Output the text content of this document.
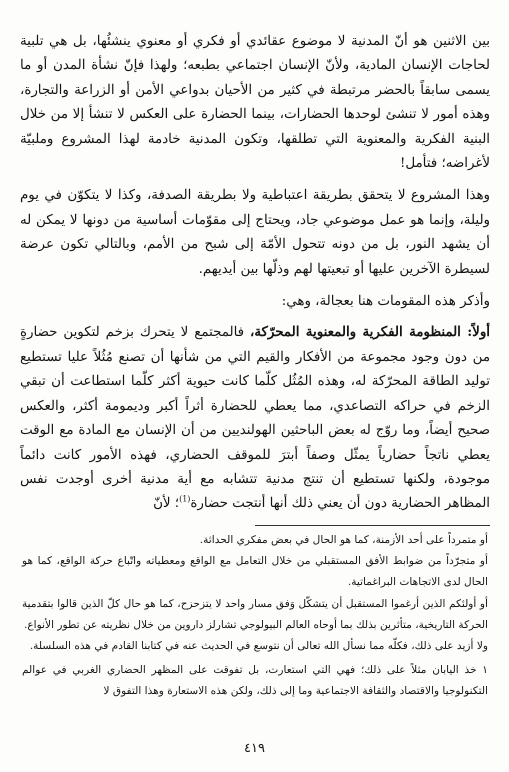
بين الاثنين هو أنّ المدنية لا موضوع عقائدي أو فكري أو معنوي ينشئُها، بل هي تلبية لحاجات الإنسان المادية، ولأنّ الإنسان اجتماعي بطبعه؛ ولهذا فإنّ نشأة المدن أو ما يسمى سابقاً بالحضر مرتبطة في كثير من الأحيان بدواعي الأمن أو الزراعة والتجارة، وهذه أمور لا تنشئ لوحدها الحضارات، بينما الحضارة على العكس لا تنشأ إلا من خلال البنية الفكرية والمعنوية التي تطلقها، وتكون المدنية خادمة لهذا المشروع وملبيّة لأغراضه؛ فتأمل!

وهذا المشروع لا يتحقق بطريقة اعتباطية ولا بطريقة الصدفة، وكذا لا يتكوّن في يوم وليلة، وإنما هو عمل موضوعي جاد، ويحتاج إلى مقوّمات أساسية من دونها لا يمكن له أن يشهد النور، بل من دونه تتحول الأمّة إلى شبح من الأمم، وبالتالي تكون عرضة لسيطرة الآخرين عليها أو تبعيتها لهم وذلّها بين أيديهم.

وأذكر هذه المقومات هنا بعجالة، وهي:

أولاً: المنظومة الفكرية والمعنوية المحرّكة، فالمجتمع لا يتحرك بزخم لتكوين حضارةٍ من دون وجود مجموعة من الأفكار والقيم التي من شأنها أن تصنع مُثُلاً عليا تستطيع توليد الطاقة المحرّكة له، وهذه المُثُل كلّما كانت حيوية أكثر كلّما استطاعت أن تبقي الزخم في حراكه التصاعدي، مما يعطي للحضارة أثراً أكبر وديمومة أكثر، والعكس صحيح أيضاً، وما روّج له بعض الباحثين الهولنديين من أن الإنسان مع المادة مع الوقت يعطي ناتجاً حضارياً يمثّل وصفاً أبترَ للموقف الحضاري، فهذه الأمور كانت دائماً موجودة، ولكنها تستطيع أن تنتج مدنية تتشابه مع أية مدنية أخرى أوجدت نفس المظاهر الحضارية دون أن يعني ذلك أنها أنتجت حضارة$^{(1)}$؛ لأنّ

أو متمرداً على أحد الأزمنة، كما هو الحال في بعض مفكري الحداثة.

أو متجرّداً من ضوابط الأفق المستقبلي من خلال التعامل مع الواقع ومعطياته واتّباع حركة الواقع، كما هو الحال لدى الاتجاهات البراغماتية.

أو أولئكم الذين أرغموا المستقبل أن يتشكّل وَفق مسار واحد لا يتزحزح، كما هو حال كلّ الذين قالوا بتقدمية الحركة التاريخية، متأثرين بذلك بما أوحاه العالم البيولوجي تشارلز داروين من خلال نظريته عن تطور الأنواع.

ولا أزيد على ذلك، فكلّه مما نسأل الله تعالى أن نتوسع في الحديث عنه في كتابنا القادم في هذه السلسلة.

١ خذ اليابان مثلاً على ذلك؛ فهي التي استعارت، بل تفوقت على المظهر الحضاري الغربي في عوالم التكنولوجيا والاقتصاد والثقافة الاجتماعية وما إلى ذلك، ولكن هذه الاستعارة وهذا التفوق لا

٤١٩
